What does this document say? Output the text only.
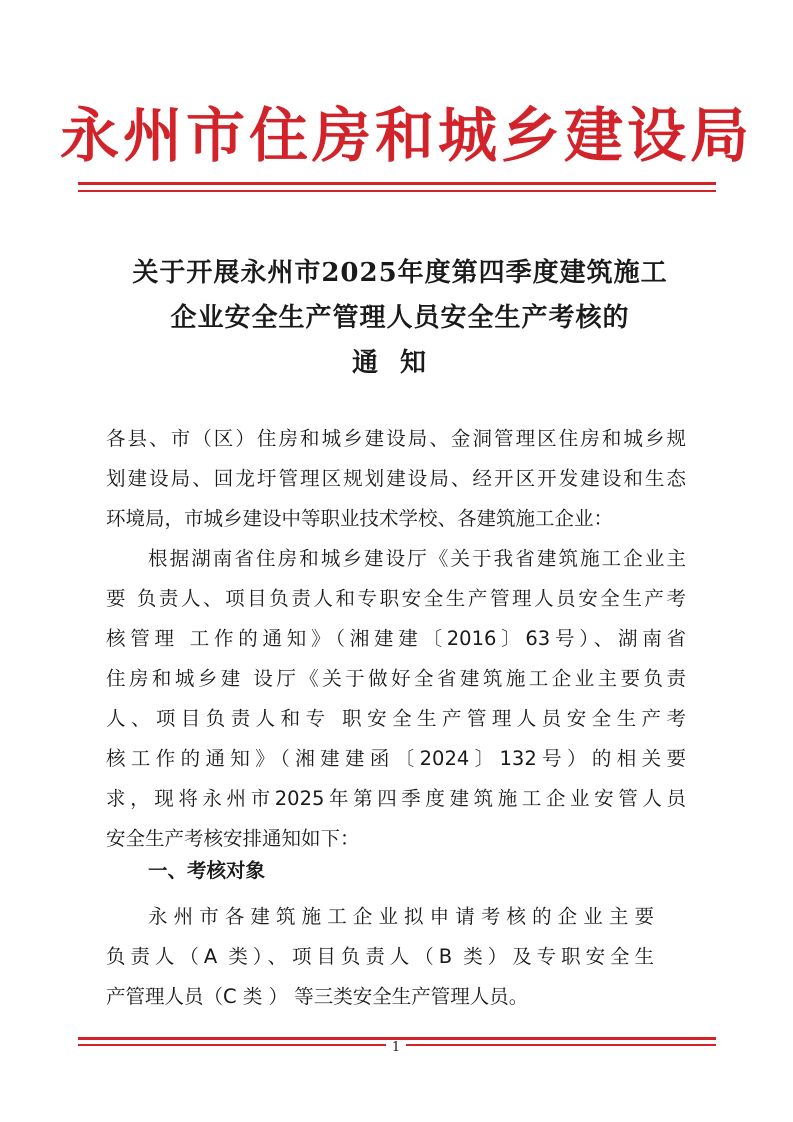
永州市住房和城乡建设局
关于开展永州市2025年度第四季度建筑施工
企业安全生产管理人员安全生产考核的
通知
各县、市（区）住房和城乡建设局、金洞管理区住房和城乡规
划建设局、回龙圩管理区规划建设局、经开区开发建设和生态
环境局，市城乡建设中等职业技术学校、各建筑施工企业：
根据湖南省住房和城乡建设厅《关于我省建筑施工企业主
要 负责人、项目负责人和专职安全生产管理人员安全生产考
核管理 工作的通知》（湘建建〔2016〕63号）、湖南省
住房和城乡建 设厅《关于做好全省建筑施工企业主要负责
人、项目负责人和专 职安全生产管理人员安全生产考
核工作的通知》（湘建建函〔2024〕132号）的相关要
求，现将永州市2025年第四季度建筑施工企业安管人员
安全生产考核安排通知如下：
一、考核对象
永州市各建筑施工企业拟申请考核的企业主要
负责人（A 类）、项目负责人（B 类）及专职安全生
产管理人员（C 类 ） 等三类安全生产管理人员。
1
